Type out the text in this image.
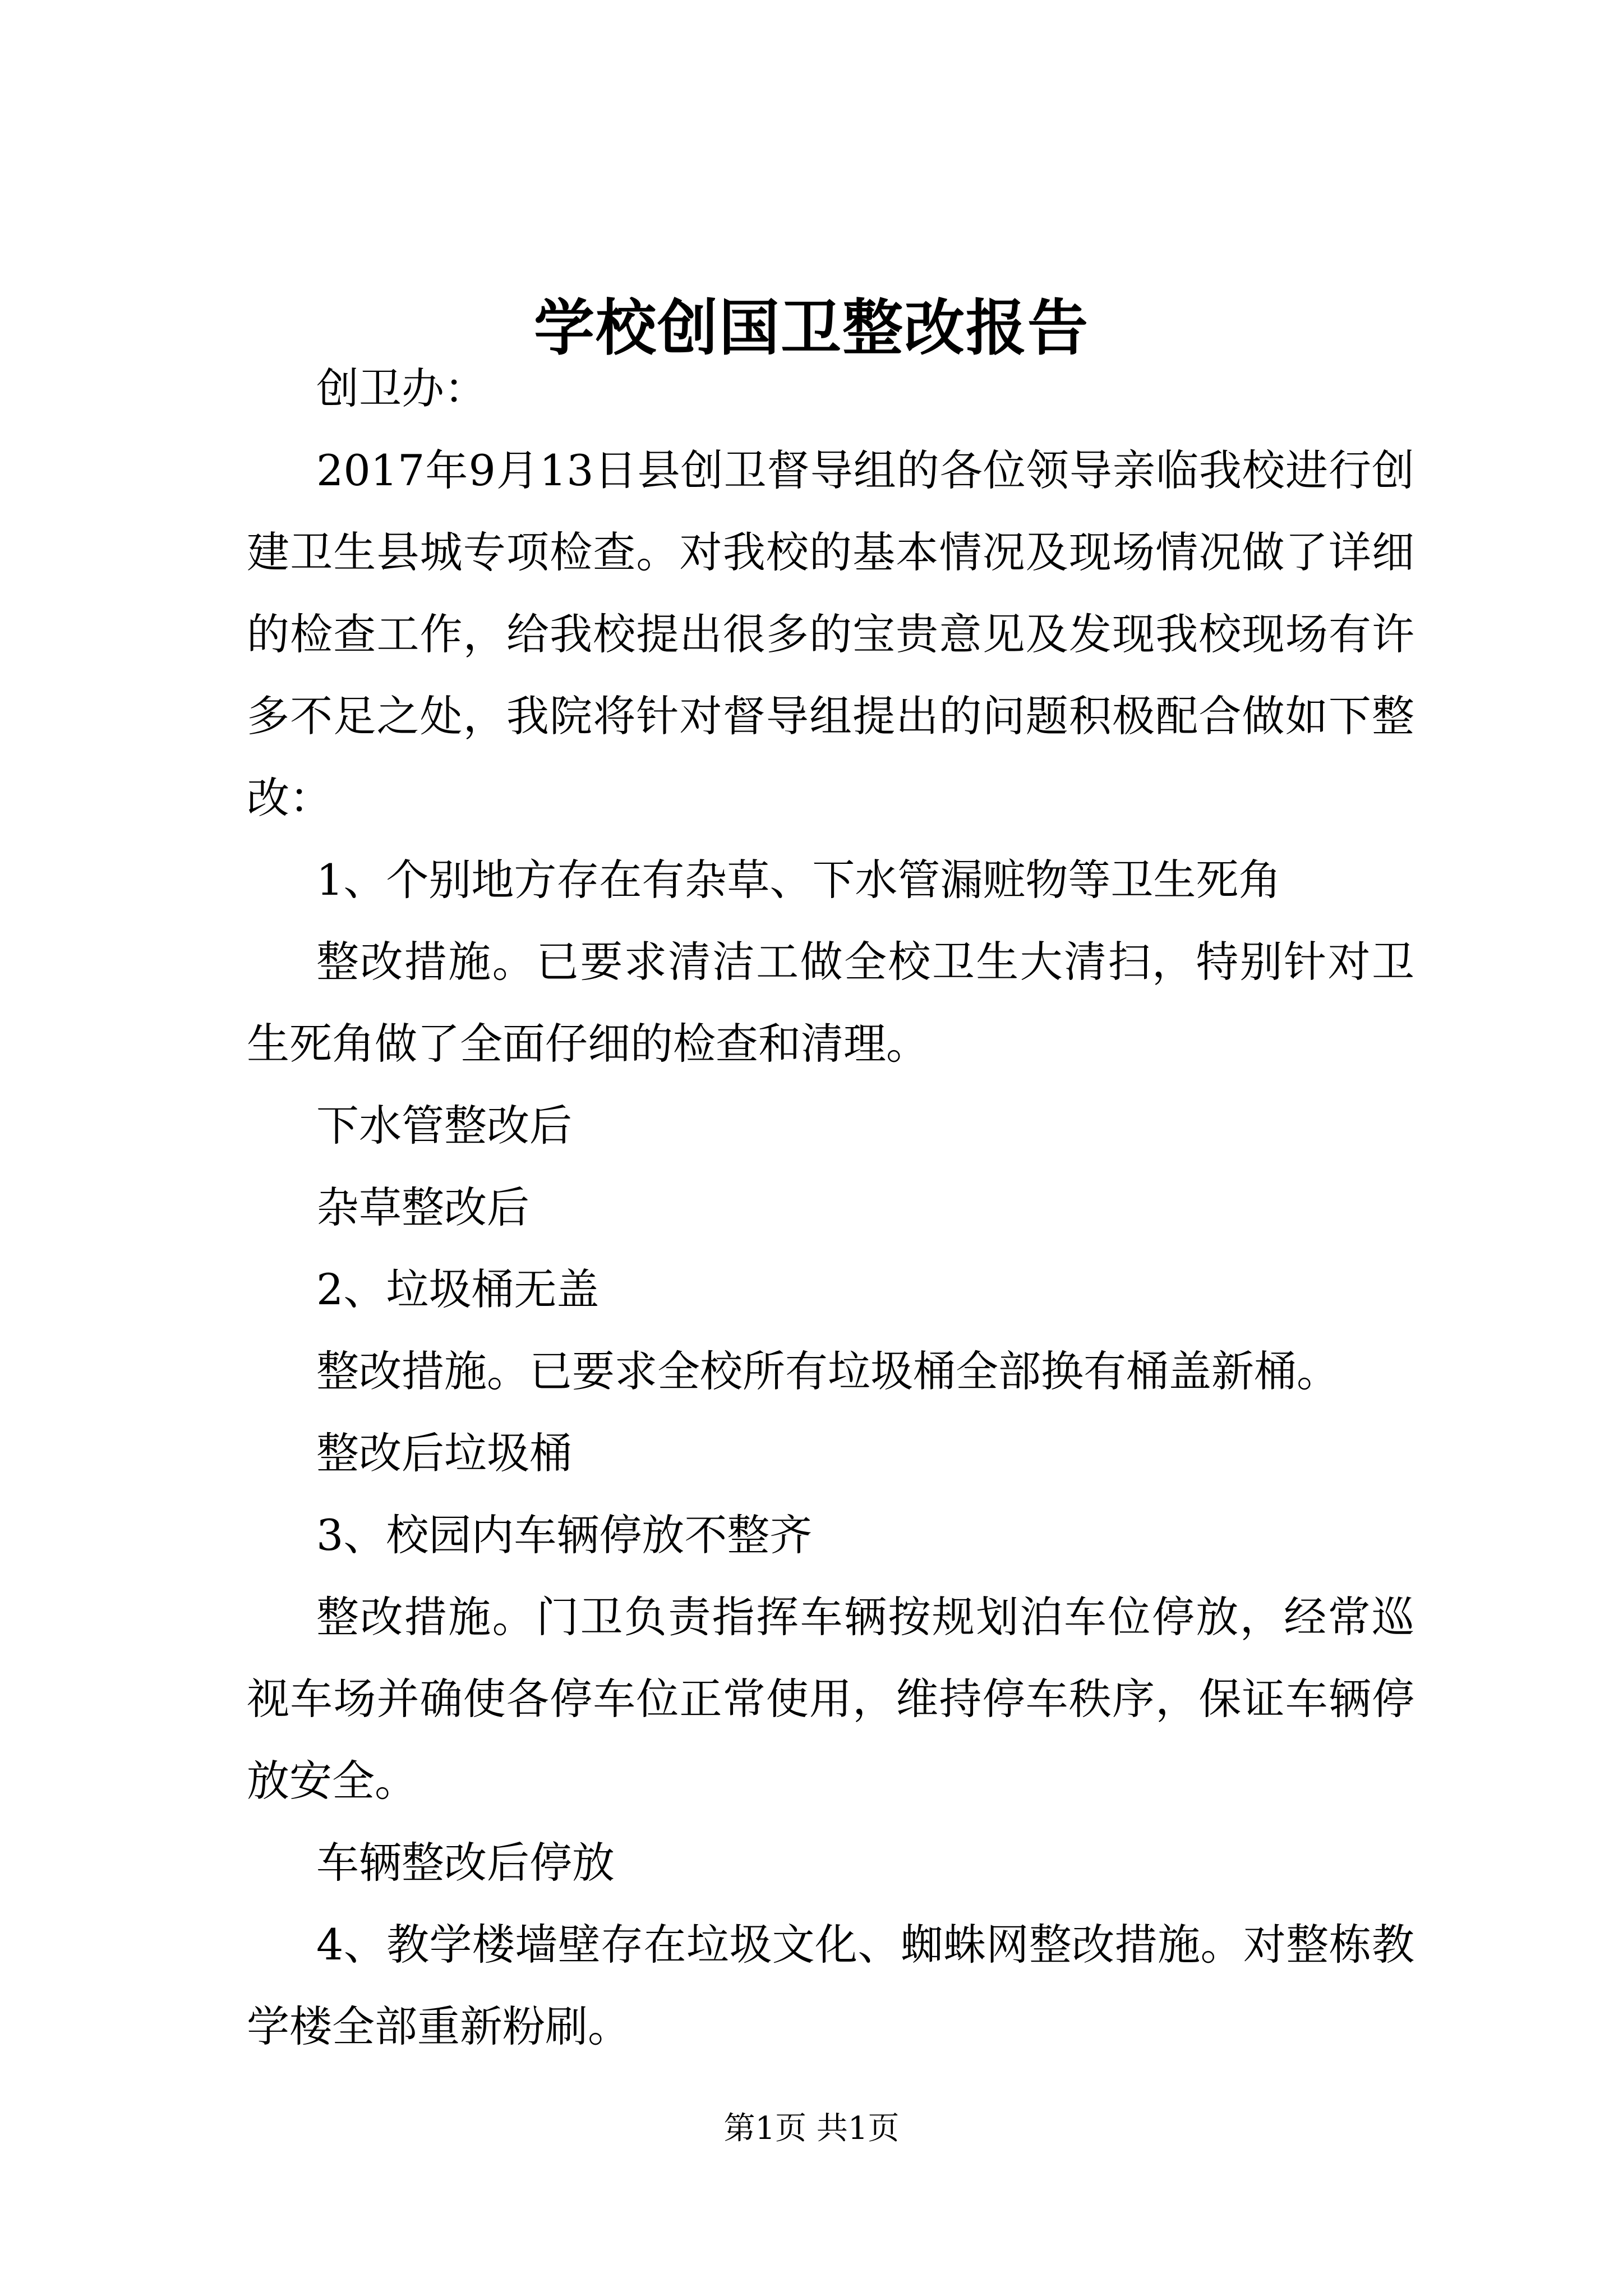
学校创国卫整改报告

创卫办：

2017年9月13日县创卫督导组的各位领导亲临我校进行创建卫生县城专项检查。对我校的基本情况及现场情况做了详细的检查工作，给我校提出很多的宝贵意见及发现我校现场有许多不足之处，我院将针对督导组提出的问题积极配合做如下整改：

1、个别地方存在有杂草、下水管漏赃物等卫生死角

整改措施。已要求清洁工做全校卫生大清扫，特别针对卫生死角做了全面仔细的检查和清理。

下水管整改后

杂草整改后

2、垃圾桶无盖

整改措施。已要求全校所有垃圾桶全部换有桶盖新桶。

整改后垃圾桶

3、校园内车辆停放不整齐

整改措施。门卫负责指挥车辆按规划泊车位停放，经常巡视车场并确使各停车位正常使用，维持停车秩序，保证车辆停放安全。

车辆整改后停放

4、教学楼墙壁存在垃圾文化、蜘蛛网整改措施。对整栋教学楼全部重新粉刷。

第1页 共1页
